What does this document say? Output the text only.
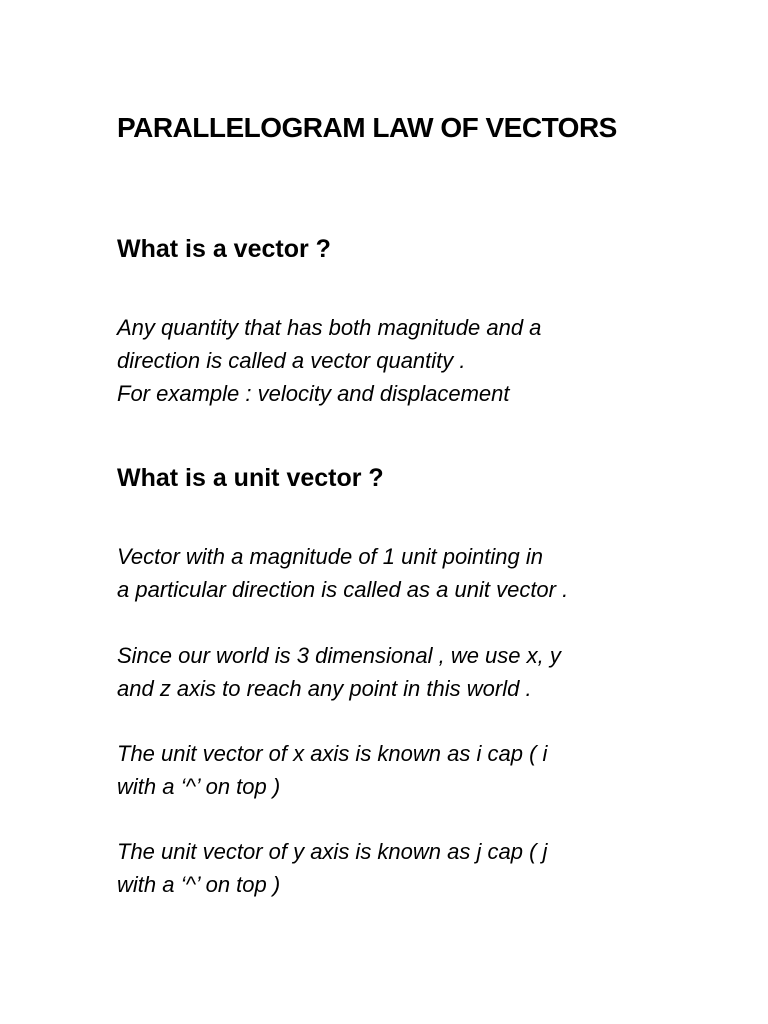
PARALLELOGRAM LAW OF VECTORS
What is a vector ?

Any quantity that has both magnitude and a
direction is called a vector quantity .
For example : velocity and displacement

What is a unit vector ?

Vector with a magnitude of 1 unit pointing in
a particular direction is called as a unit vector .

Since our world is 3 dimensional , we use x, y
and z axis to reach any point in this world .

The unit vector of x axis is known as i cap ( i
with a ‘^’ on top )

The unit vector of y axis is known as j cap ( j
with a ‘^’ on top )
